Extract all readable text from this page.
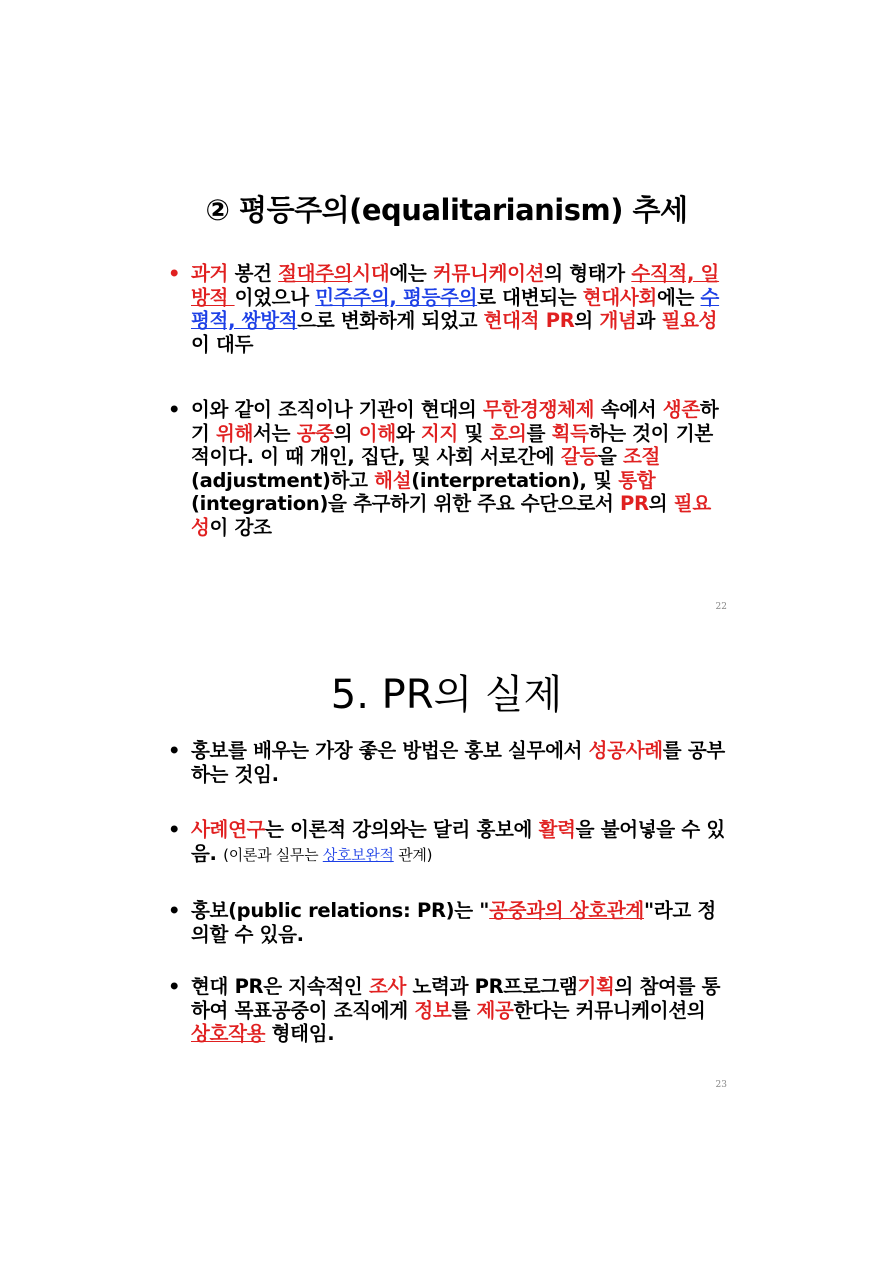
② 평등주의(equalitarianism) 추세
• 과거 봉건 절대주의시대에는 커뮤니케이션의 형태가 수직적, 일방적 이었으나 민주주의, 평등주의로 대변되는 현대사회에는 수평적, 쌍방적으로 변화하게 되었고 현대적 PR의 개념과 필요성이 대두
• 이와 같이 조직이나 기관이 현대의 무한경쟁체제 속에서 생존하기 위해서는 공중의 이해와 지지 및 호의를 획득하는 것이 기본적이다. 이 때 개인, 집단, 및 사회 서로간에 갈등을 조절(adjustment)하고 해설(interpretation), 및 통합(integration)을 추구하기 위한 주요 수단으로서 PR의 필요성이 강조
22
5. PR의 실제
• 홍보를 배우는 가장 좋은 방법은 홍보 실무에서 성공사례를 공부하는 것임.
• 사례연구는 이론적 강의와는 달리 홍보에 활력을 불어넣을 수 있음. (이론과 실무는 상호보완적 관계)
• 홍보(public relations: PR)는 "공중과의 상호관계"라고 정의할 수 있음.
• 현대 PR은 지속적인 조사 노력과 PR프로그램기획의 참여를 통하여 목표공중이 조직에게 정보를 제공한다는 커뮤니케이션의 상호작용 형태임.
23
